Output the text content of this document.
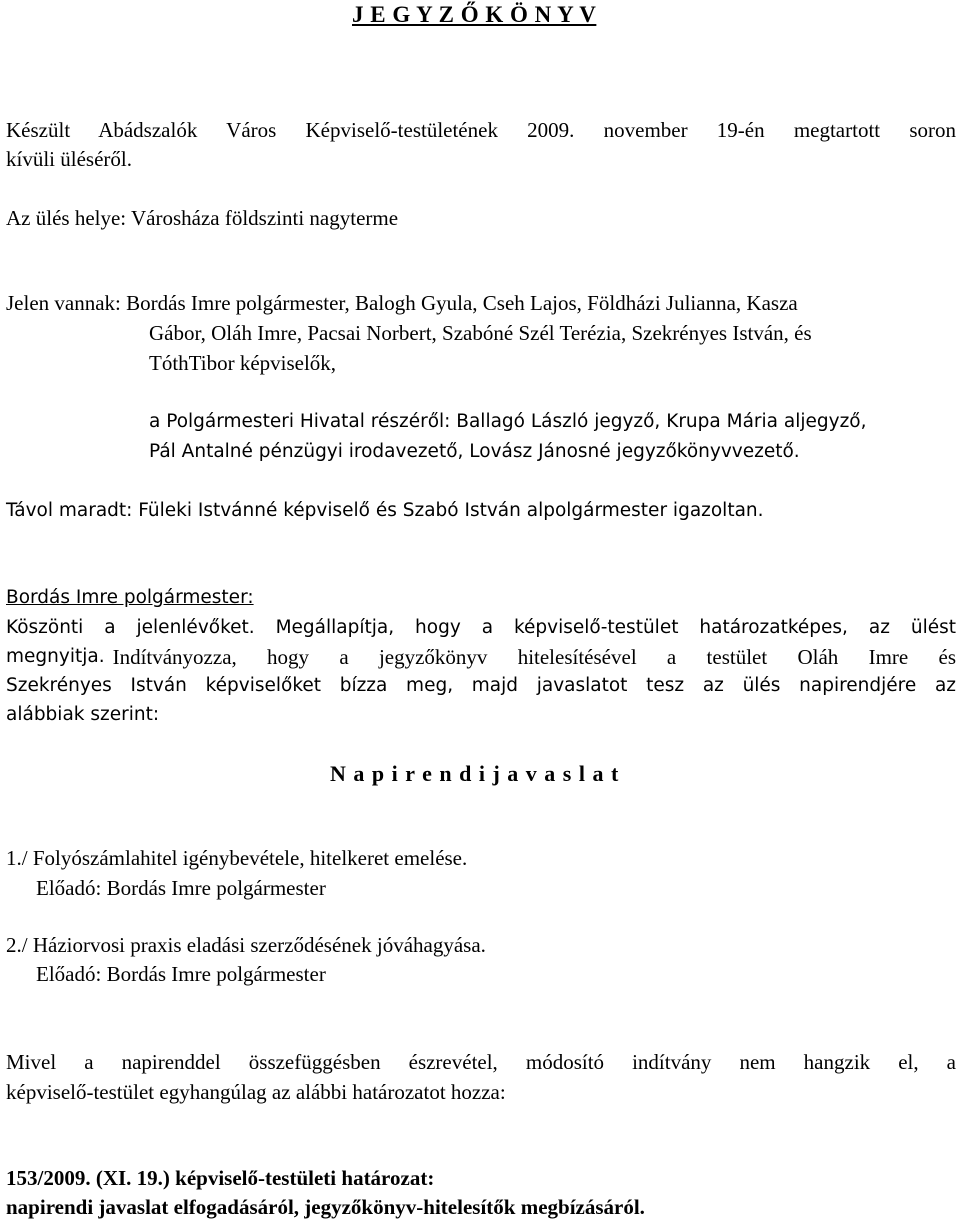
J E G Y Z Ő K Ö N Y V
Készült Abádszalók Város Képviselő-testületének 2009. november 19-én megtartott soron
kívüli üléséről.
Az ülés helye: Városháza földszinti nagyterme
Jelen vannak: Bordás Imre polgármester, Balogh Gyula, Cseh Lajos, Földházi Julianna, Kasza
Gábor, Oláh Imre, Pacsai Norbert, Szabóné Szél Terézia, Szekrényes István, és
TóthTibor képviselők,
a Polgármesteri Hivatal részéről: Ballagó László jegyző, Krupa Mária aljegyző,
Pál Antalné pénzügyi irodavezető, Lovász Jánosné jegyzőkönyvvezető.
Távol maradt: Füleki Istvánné képviselő és Szabó István alpolgármester igazoltan.
Bordás Imre polgármester:
Köszönti a jelenlévőket. Megállapítja, hogy a képviselő-testület határozatképes, az ülést
megnyitja. Indítványozza, hogy a jegyzőkönyv hitelesítésével a testület Oláh Imre és
Szekrényes István képviselőket bízza meg, majd javaslatot tesz az ülés napirendjére az
alábbiak szerint:
N a p i r e n d i j a v a s l a t
1./ Folyószámlahitel igénybevétele, hitelkeret emelése.
Előadó: Bordás Imre polgármester
2./ Háziorvosi praxis eladási szerződésének jóváhagyása.
Előadó: Bordás Imre polgármester
Mivel a napirenddel összefüggésben észrevétel, módosító indítvány nem hangzik el, a
képviselő-testület egyhangúlag az alábbi határozatot hozza:
153/2009. (XI. 19.) képviselő-testületi határozat:
napirendi javaslat elfogadásáról, jegyzőkönyv-hitelesítők megbízásáról.
